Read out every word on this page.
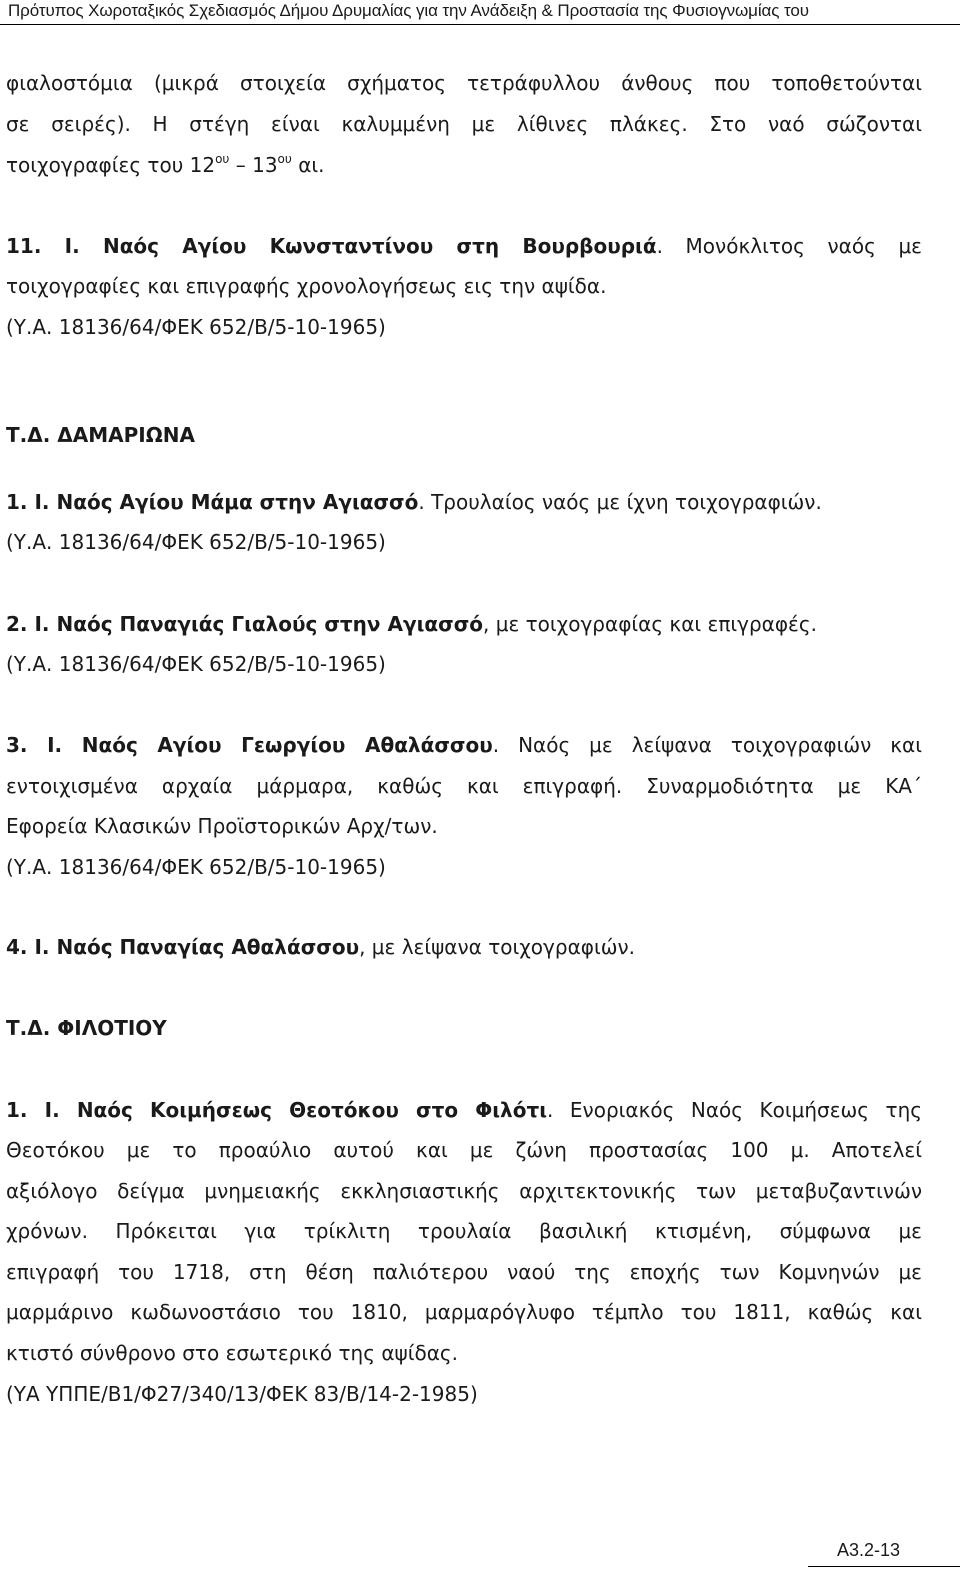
Πρότυπος Χωροταξικός Σχεδιασμός Δήμου Δρυμαλίας για την Ανάδειξη & Προστασία της Φυσιογνωμίας του
φιαλοστόμια (μικρά στοιχεία σχήματος τετράφυλλου άνθους που τοποθετούνται
σε σειρές). Η στέγη είναι καλυμμένη με λίθινες πλάκες. Στο ναό σώζονται
τοιχογραφίες του $12^{o\upsilon} - 13^{o\upsilon}$ αι.
11. Ι. Ναός Αγίου Κωνσταντίνου στη Βουρβουριά. Μονόκλιτος ναός με
τοιχογραφίες και επιγραφής χρονολογήσεως εις την αψίδα.
(Υ.Α. 18136/64/ΦΕΚ 652/Β/5-10-1965)
Τ.Δ. ΔΑΜΑΡΙΩΝΑ
1. Ι. Ναός Αγίου Μάμα στην Αγιασσό. Τρουλαίος ναός με ίχνη τοιχογραφιών.
(Υ.Α. 18136/64/ΦΕΚ 652/Β/5-10-1965)
2. Ι. Ναός Παναγιάς Γιαλούς στην Αγιασσό, με τοιχογραφίας και επιγραφές.
(Υ.Α. 18136/64/ΦΕΚ 652/Β/5-10-1965)
3. Ι. Ναός Αγίου Γεωργίου Αθαλάσσου. Ναός με λείψανα τοιχογραφιών και
εντοιχισμένα αρχαία μάρμαρα, καθώς και επιγραφή. Συναρμοδιότητα με ΚΑ΄
Εφορεία Κλασικών Προϊστορικών Αρχ/των.
(Υ.Α. 18136/64/ΦΕΚ 652/Β/5-10-1965)
4. Ι. Ναός Παναγίας Αθαλάσσου, με λείψανα τοιχογραφιών.
Τ.Δ. ΦΙΛΟΤΙΟΥ
1. Ι. Ναός Κοιμήσεως Θεοτόκου στο Φιλότι. Ενοριακός Ναός Κοιμήσεως της
Θεοτόκου με το προαύλιο αυτού και με ζώνη προστασίας 100 μ. Αποτελεί
αξιόλογο δείγμα μνημειακής εκκλησιαστικής αρχιτεκτονικής των μεταβυζαντινών
χρόνων. Πρόκειται για τρίκλιτη τρουλαία βασιλική κτισμένη, σύμφωνα με
επιγραφή του 1718, στη θέση παλιότερου ναού της εποχής των Κομνηνών με
μαρμάρινο κωδωνοστάσιο του 1810, μαρμαρόγλυφο τέμπλο του 1811, καθώς και
κτιστό σύνθρονο στο εσωτερικό της αψίδας.
(ΥΑ ΥΠΠΕ/Β1/Φ27/340/13/ΦΕΚ 83/Β/14-2-1985)
Α3.2-13
